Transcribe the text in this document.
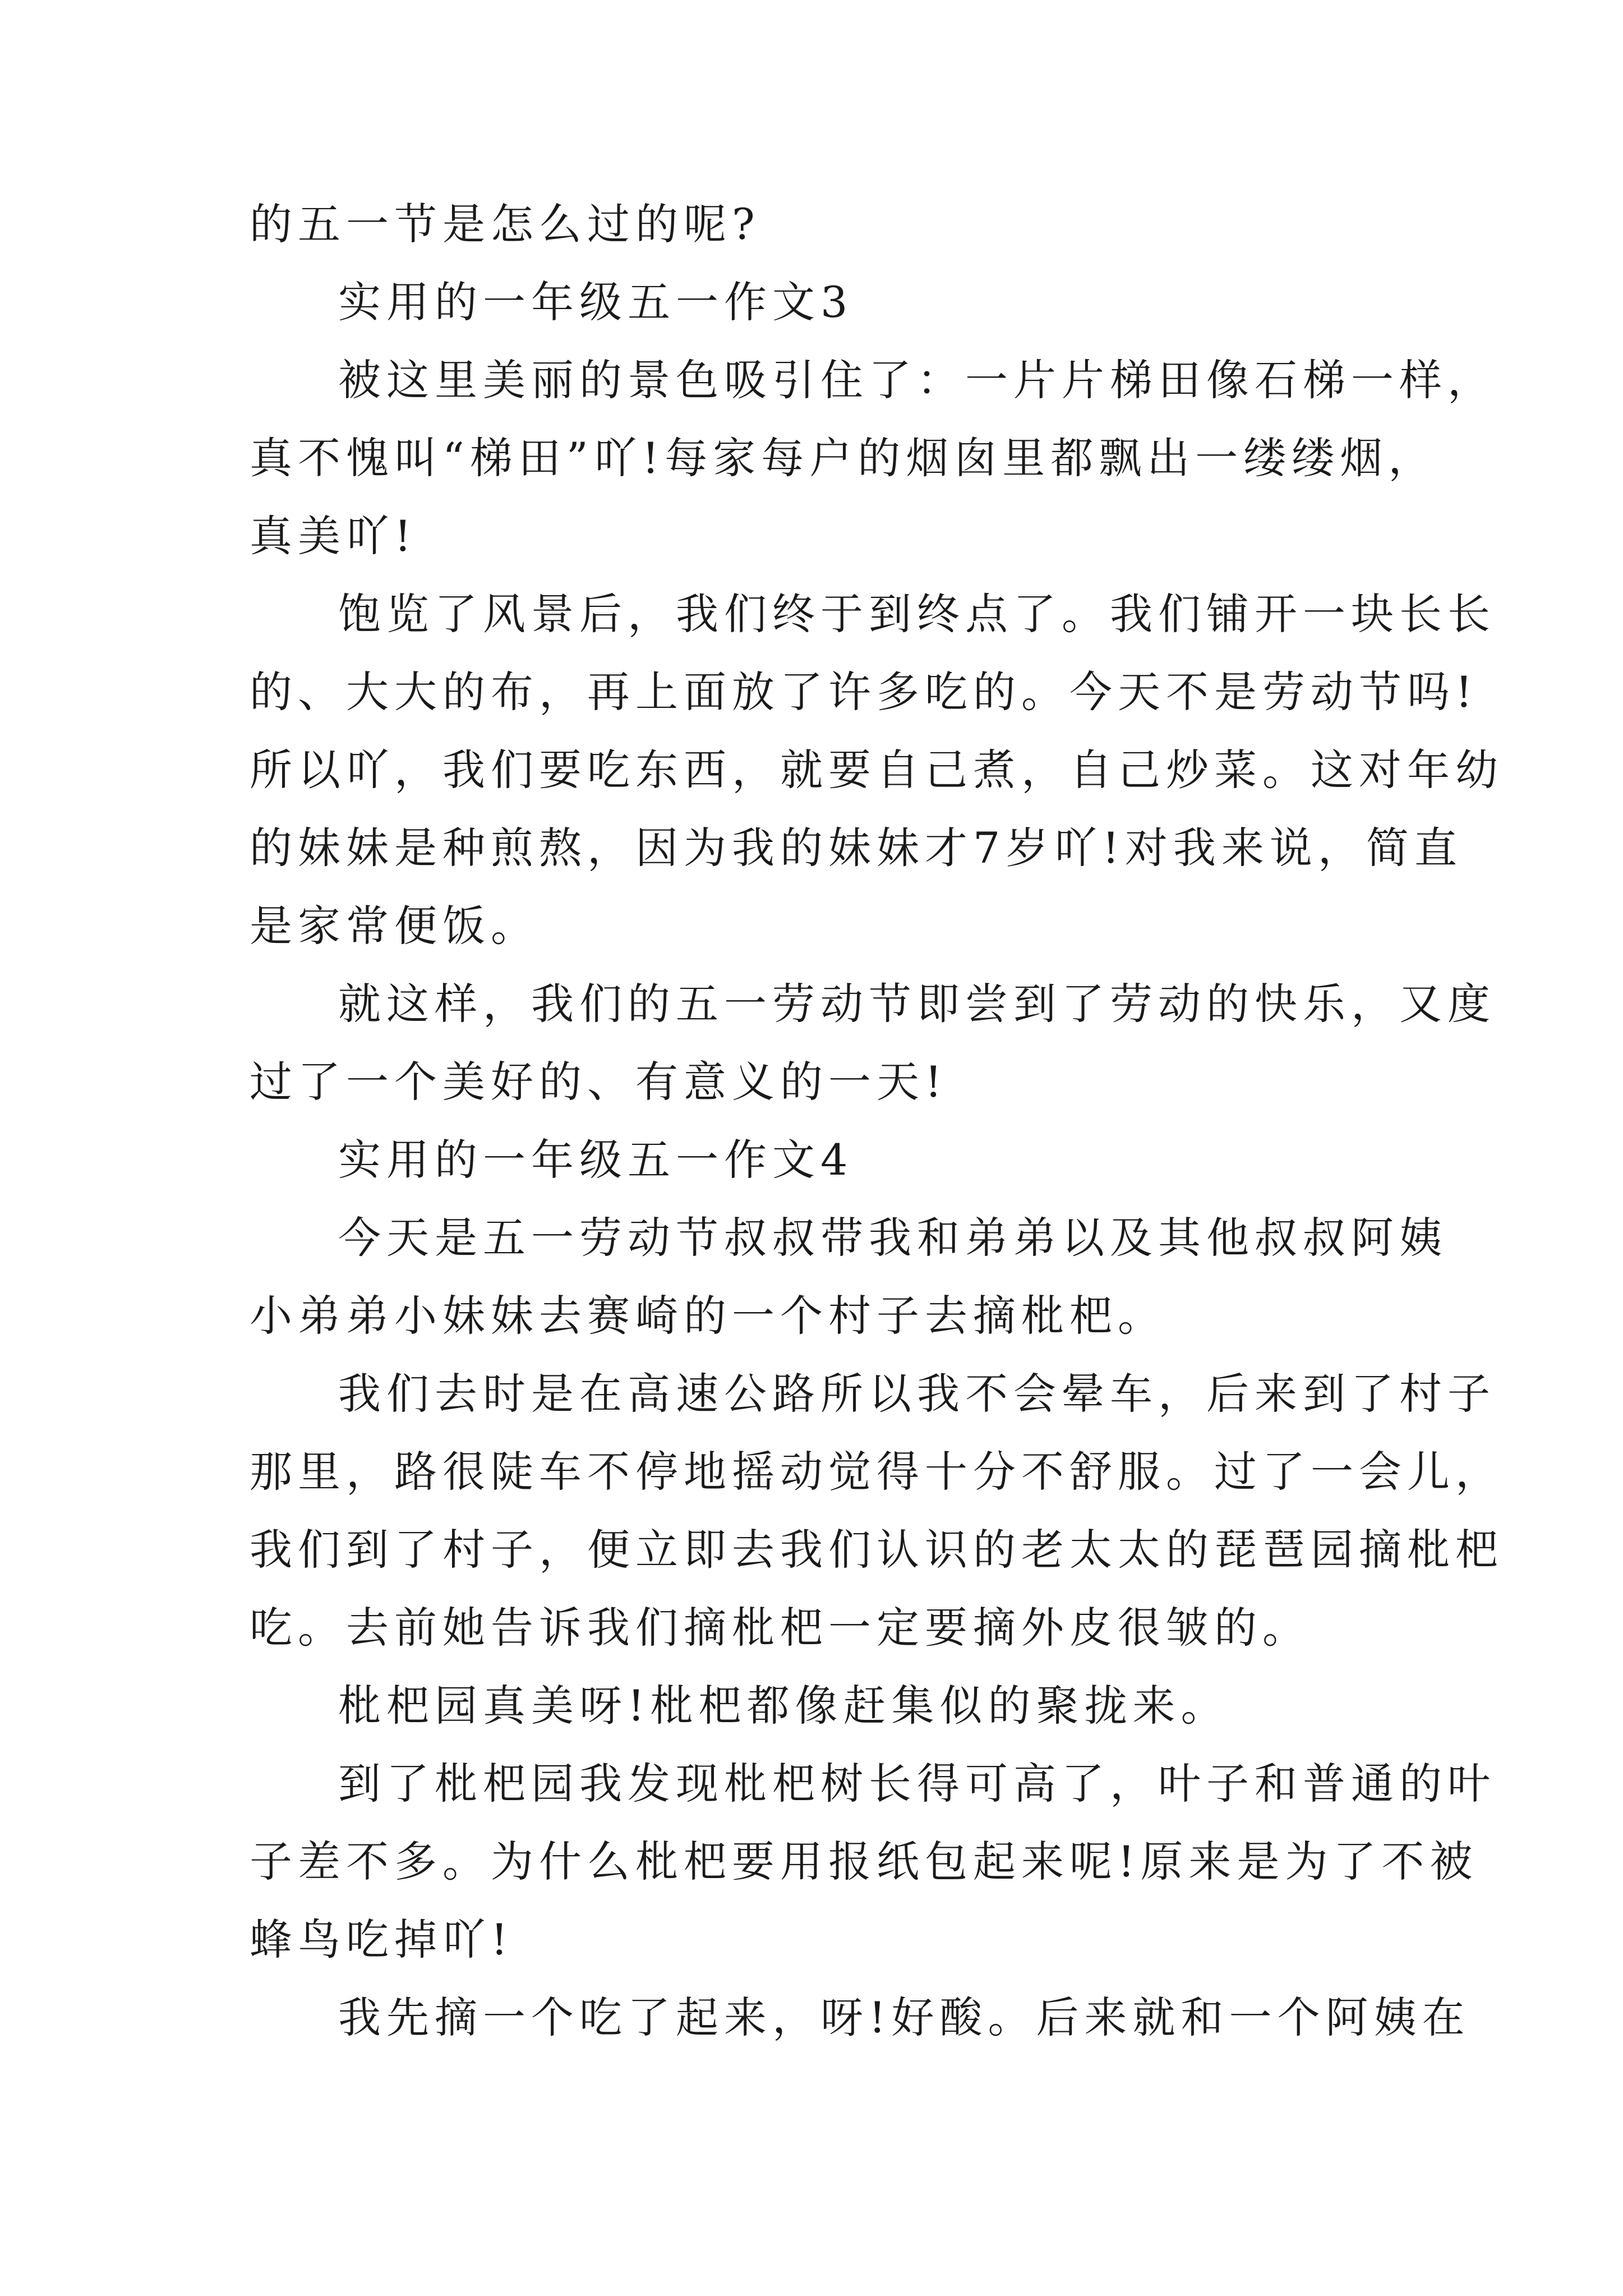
的五一节是怎么过的呢?
实用的一年级五一作文3
被这里美丽的景色吸引住了：一片片梯田像石梯一样，
真不愧叫“梯田”吖!每家每户的烟囱里都飘出一缕缕烟，
真美吖!
饱览了风景后，我们终于到终点了。我们铺开一块长长
的、大大的布，再上面放了许多吃的。今天不是劳动节吗!
所以吖，我们要吃东西，就要自己煮，自己炒菜。这对年幼
的妹妹是种煎熬，因为我的妹妹才7岁吖!对我来说，简直
是家常便饭。
就这样，我们的五一劳动节即尝到了劳动的快乐，又度
过了一个美好的、有意义的一天!
实用的一年级五一作文4
今天是五一劳动节叔叔带我和弟弟以及其他叔叔阿姨
小弟弟小妹妹去赛崎的一个村子去摘枇杷。
我们去时是在高速公路所以我不会晕车，后来到了村子
那里，路很陡车不停地摇动觉得十分不舒服。过了一会儿，
我们到了村子，便立即去我们认识的老太太的琵琶园摘枇杷
吃。去前她告诉我们摘枇杷一定要摘外皮很皱的。
枇杷园真美呀!枇杷都像赶集似的聚拢来。
到了枇杷园我发现枇杷树长得可高了，叶子和普通的叶
子差不多。为什么枇杷要用报纸包起来呢!原来是为了不被
蜂鸟吃掉吖!
我先摘一个吃了起来，呀!好酸。后来就和一个阿姨在
